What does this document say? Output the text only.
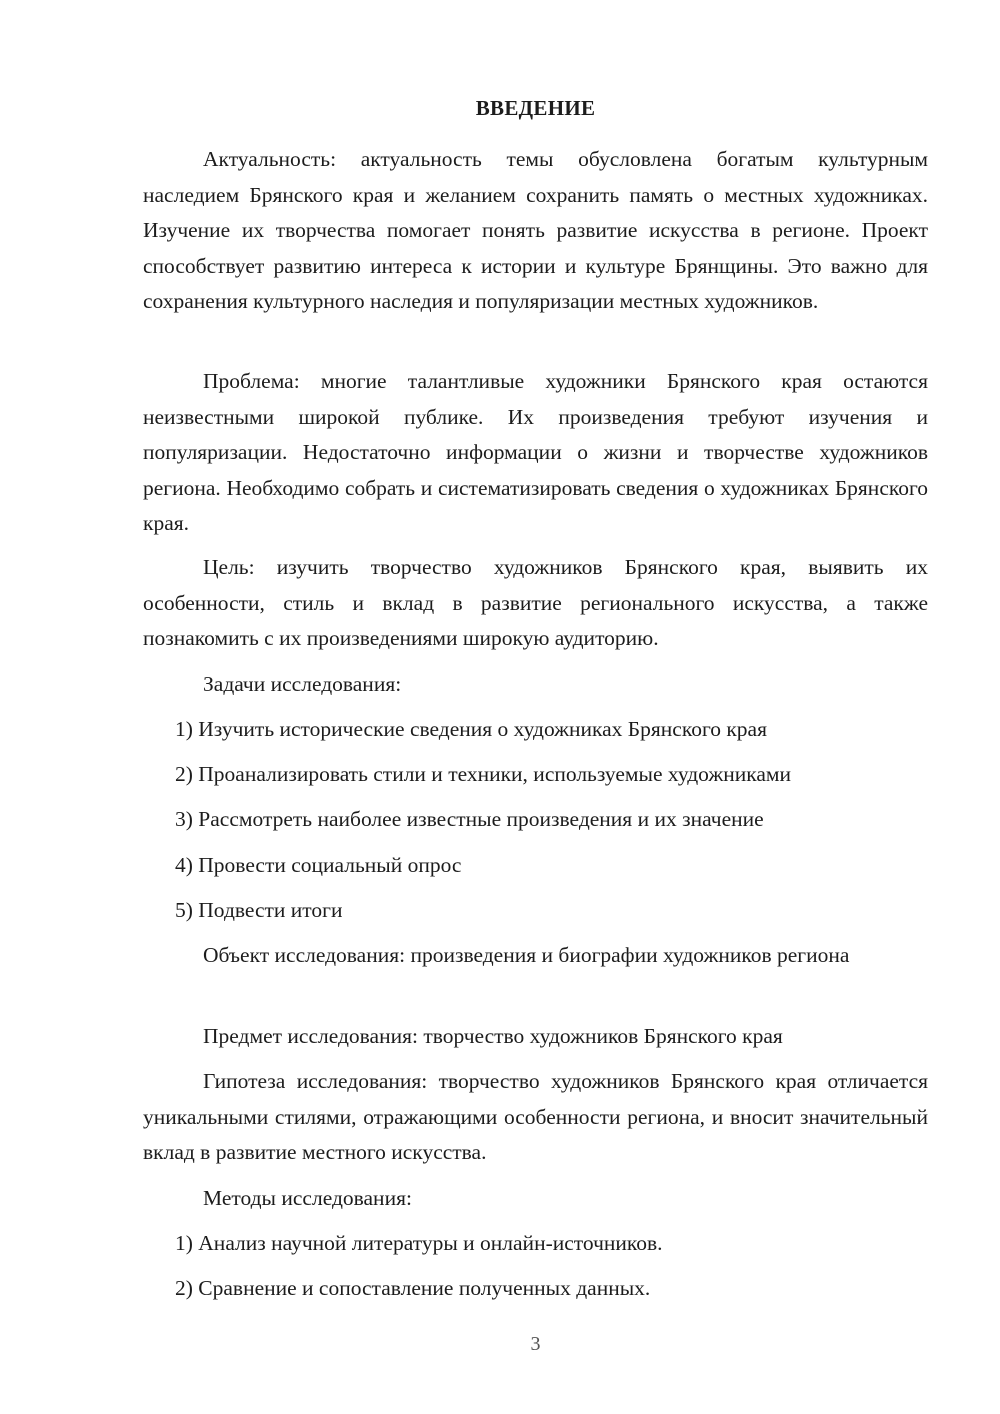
ВВЕДЕНИЕ

Актуальность: актуальность темы обусловлена богатым культурным наследием Брянского края и желанием сохранить память о местных художниках. Изучение их творчества помогает понять развитие искусства в регионе. Проект способствует развитию интереса к истории и культуре Брянщины. Это важно для сохранения культурного наследия и популяризации местных художников.

Проблема: многие талантливые художники Брянского края остаются неизвестными широкой публике. Их произведения требуют изучения и популяризации. Недостаточно информации о жизни и творчестве художников региона. Необходимо собрать и систематизировать сведения о художниках Брянского края.

Цель: изучить творчество художников Брянского края, выявить их особенности, стиль и вклад в развитие регионального искусства, а также познакомить с их произведениями широкую аудиторию.

Задачи исследования:

1) Изучить исторические сведения о художниках Брянского края

2) Проанализировать стили и техники, используемые художниками

3) Рассмотреть наиболее известные произведения и их значение

4) Провести социальный опрос

5) Подвести итоги

Объект исследования: произведения и биографии художников региона

Предмет исследования: творчество художников Брянского края

Гипотеза исследования: творчество художников Брянского края отличается уникальными стилями, отражающими особенности региона, и вносит значительный вклад в развитие местного искусства.

Методы исследования:

1) Анализ научной литературы и онлайн-источников.

2) Сравнение и сопоставление полученных данных.

3
